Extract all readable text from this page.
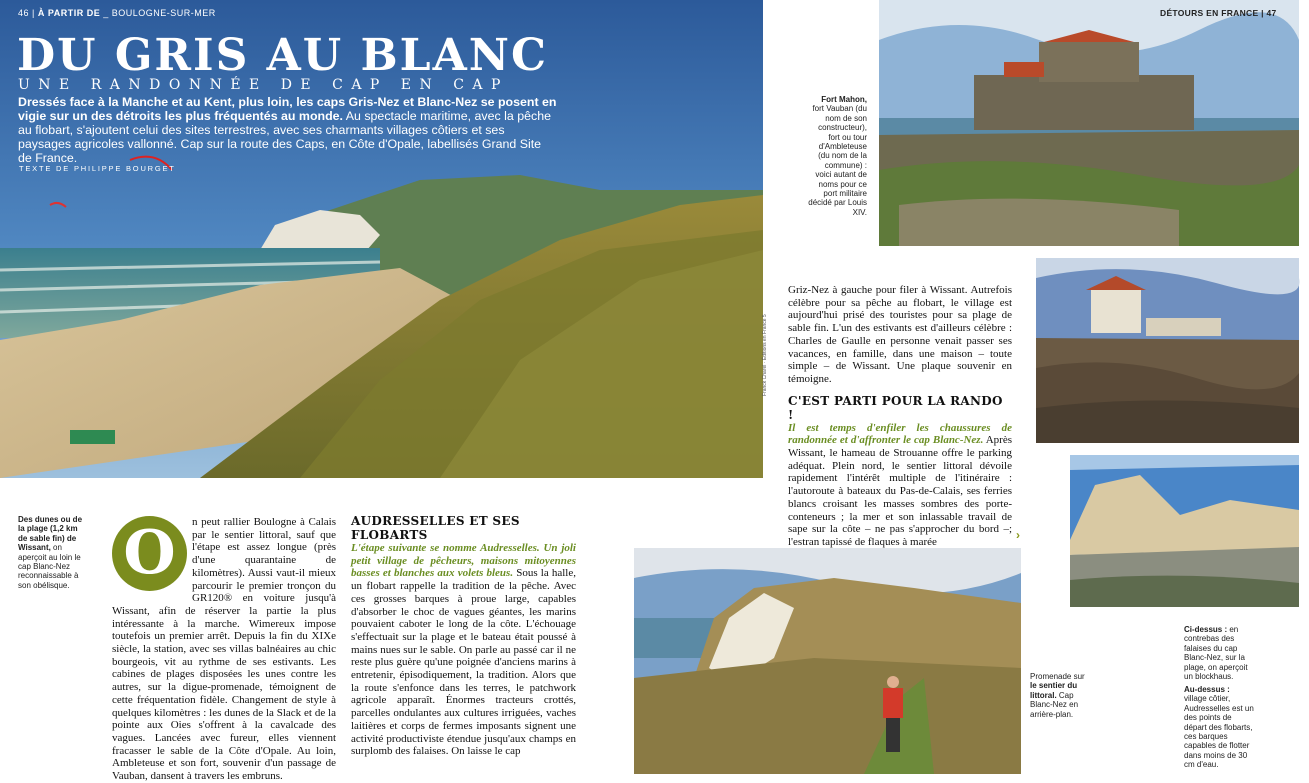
46 | À PARTIR DE _ BOULOGNE-SUR-MER
DU GRIS AU BLANC
UNE RANDONNÉE DE CAP EN CAP
Dressés face à la Manche et au Kent, plus loin, les caps Gris-Nez et Blanc-Nez se posent en vigie sur un des détroits les plus fréquentés au monde. Au spectacle maritime, avec la pêche au flobart, s'ajoutent celui des sites terrestres, avec ses charmants villages côtiers et ses paysages agricoles vallonné. Cap sur la route des Caps, en Côte d'Opale, labellisés Grand Site de France.
TEXTE DE PHILIPPE BOURGET
Franck Charel · Éditions en France 5
DÉTOURS EN FRANCE | 47
Fort Mahon, fort Vauban (du nom de son constructeur), fort ou tour d'Ambleteuse (du nom de la commune) : voici autant de noms pour ce port militaire décidé par Louis XIV.
Des dunes ou de la plage (1,2 km de sable fin) de Wissant, on aperçoit au loin le cap Blanc-Nez reconnaissable à son obélisque.
Promenade sur le sentier du littoral. Cap Blanc-Nez en arrière-plan.
Ci-dessus : en contrebas des falaises du cap Blanc-Nez, sur la plage, on aperçoit un blockhaus.
Au-dessus : village côtier, Audresselles est un des points de départ des flobarts, ces barques capables de flotter dans moins de 30 cm d'eau.
O	n peut rallier Boulogne à Calais par le sentier littoral, sauf que l'étape est assez longue (près d'une quarantaine de kilomètres). Aussi vaut-il mieux parcourir le premier tronçon du GR120® en voiture jusqu'à Wissant, afin de réserver la partie la plus intéressante à la marche. Wimereux impose toutefois un premier arrêt. Depuis la fin du XIXe siècle, la station, avec ses villas balnéaires au chic bourgeois, vit au rythme de ses estivants. Les cabines de plages disposées les unes contre les autres, sur la digue-promenade, témoignent de cette fréquentation fidèle. Changement de style à quelques kilomètres : les dunes de la Slack et de la pointe aux Oies s'offrent à la cavalcade des vagues. Lancées avec fureur, elles viennent fracasser le sable de la Côte d'Opale. Au loin, Ambleteuse et son fort, souvenir d'un passage de Vauban, dansent à travers les embruns.
AUDRESSELLES ET SES FLOBARTS
L'étape suivante se nomme Audresselles. Un joli petit village de pêcheurs, maisons mitoyennes basses et blanches aux volets bleus. Sous la halle, un flobart rappelle la tradition de la pêche. Avec ces grosses barques à proue large, capables d'absorber le choc de vagues géantes, les marins pouvaient caboter le long de la côte. L'échouage s'effectuait sur la plage et le bateau était poussé à mains nues sur le sable. On parle au passé car il ne reste plus guère qu'une poignée d'anciens marins à entretenir, épisodiquement, la tradition. Alors que la route s'enfonce dans les terres, le patchwork agricole apparaît. Énormes tracteurs crottés, parcelles ondulantes aux cultures irriguées, vaches laitières et corps de fermes imposants signent une activité productiviste étendue jusqu'aux champs en surplomb des falaises. On laisse le cap
Griz-Nez à gauche pour filer à Wissant. Autrefois célèbre pour sa pêche au flobart, le village est aujourd'hui prisé des touristes pour sa plage de sable fin. L'un des estivants est d'ailleurs célèbre : Charles de Gaulle en personne venait passer ses vacances, en famille, dans une maison – toute simple – de Wissant. Une plaque souvenir en témoigne.
C'EST PARTI POUR LA RANDO !
Il est temps d'enfiler les chaussures de randonnée et d'affronter le cap Blanc-Nez. Après Wissant, le hameau de Strouanne offre le parking adéquat. Plein nord, le sentier littoral dévoile rapidement l'intérêt multiple de l'itinéraire : l'autoroute à bateaux du Pas-de-Calais, ses ferries blancs croisant les masses sombres des porte-conteneurs ; la mer et son inlassable travail de sape sur la côte – ne pas s'approcher du bord –; l'estran tapissé de flaques à marée	›
